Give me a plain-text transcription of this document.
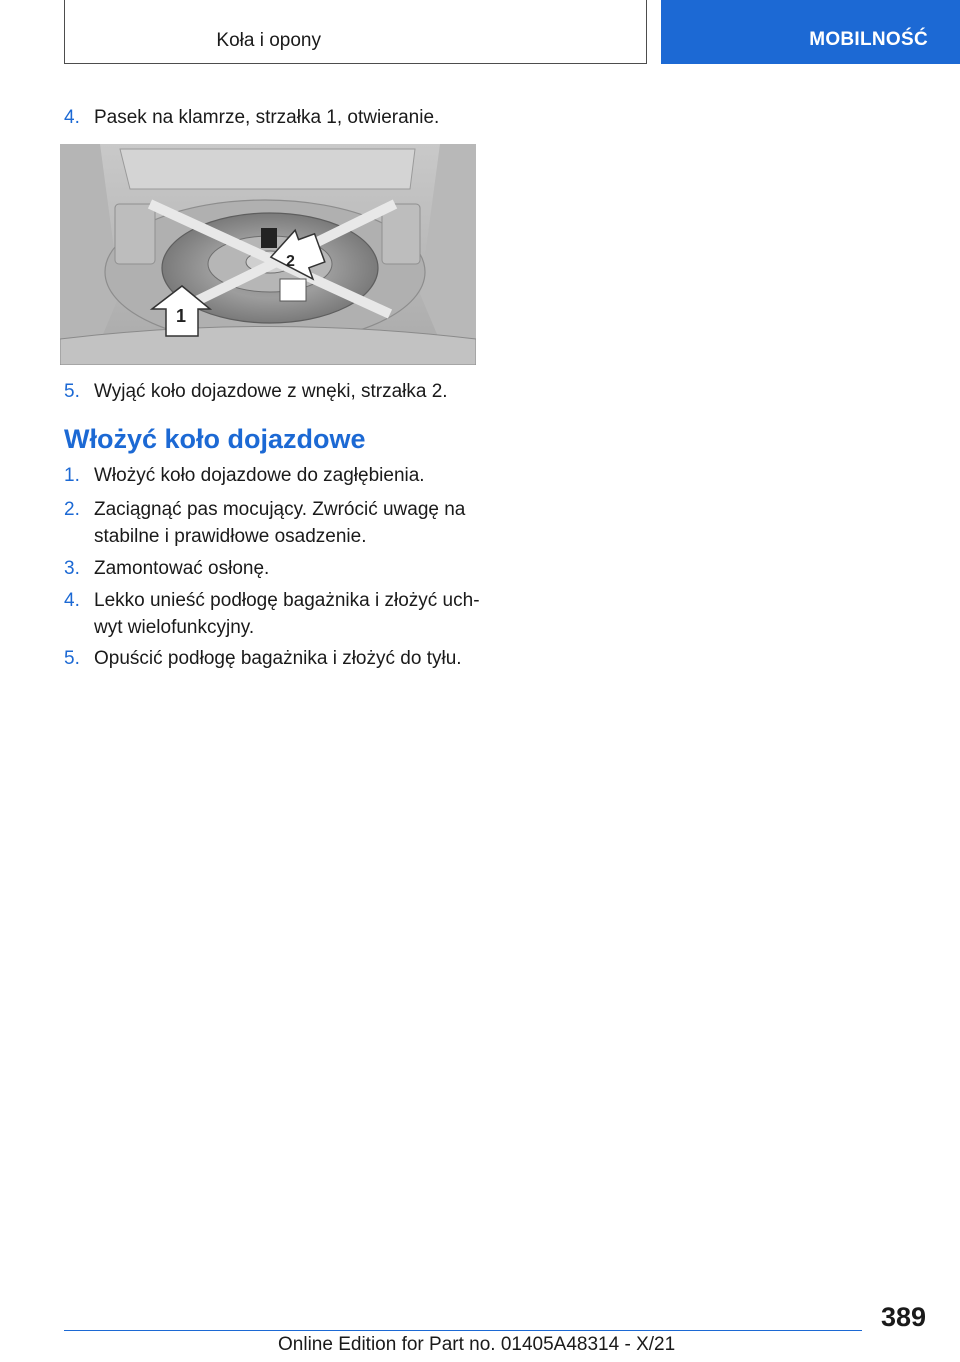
Koła i opony	MOBILNOŚĆ
4. Pasek na klamrze, strzałka 1, otwieranie.
2
1
5. Wyjąć koło dojazdowe z wnęki, strzałka 2.
Włożyć koło dojazdowe
1. Włożyć koło dojazdowe do zagłębienia.
2. Zaciągnąć pas mocujący. Zwrócić uwagę na stabilne i prawidłowe osadzenie.
3. Zamontować osłonę.
4. Lekko unieść podłogę bagażnika i złożyć uchwyt wielofunkcyjny.
5. Opuścić podłogę bagażnika i złożyć do tyłu.
389
Online Edition for Part no. 01405A48314 - X/21
